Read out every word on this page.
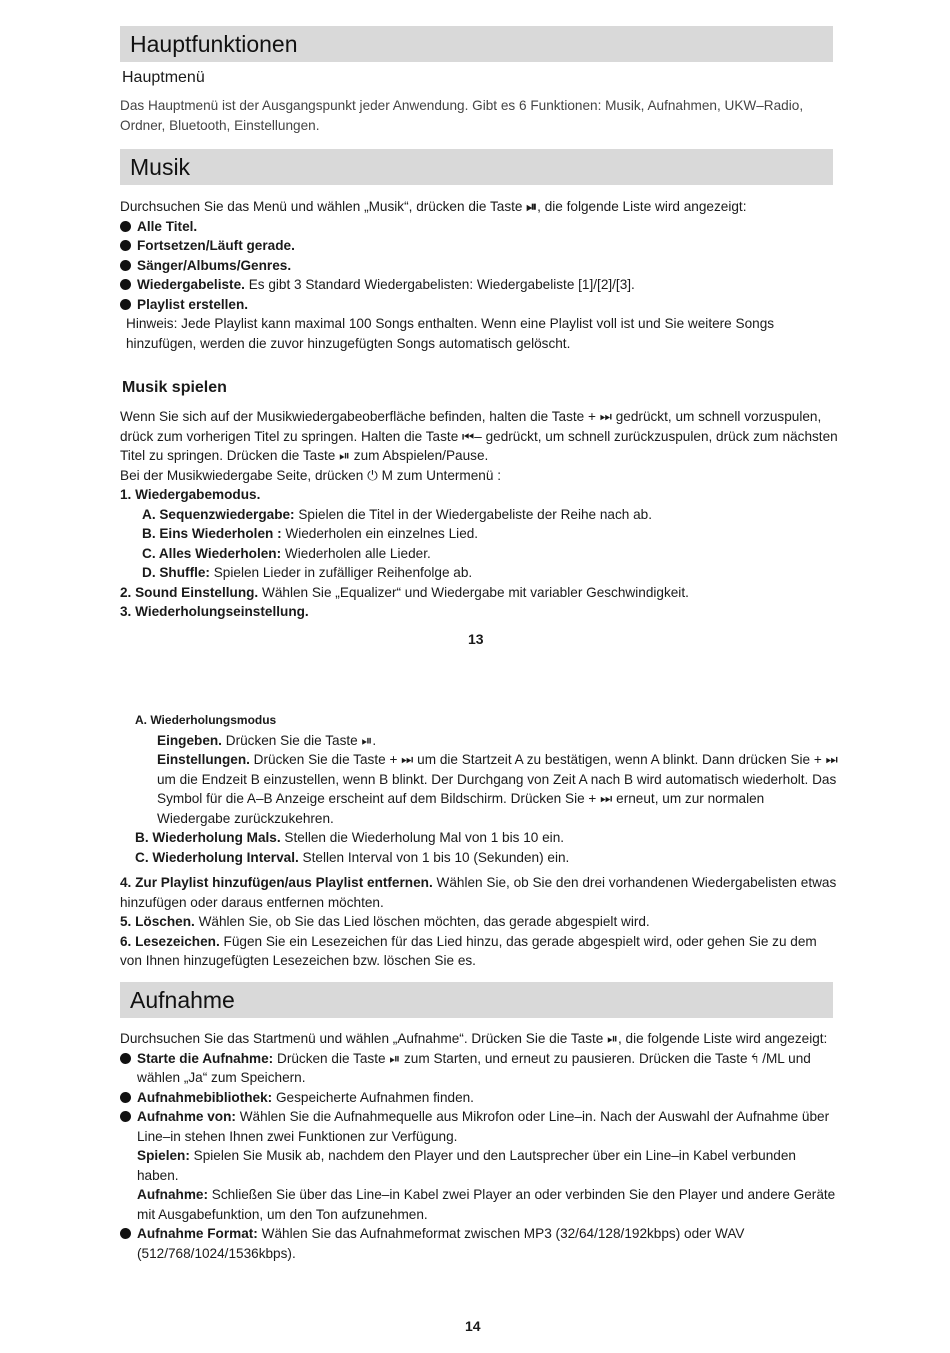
Hauptfunktionen
Hauptmenü

Das Hauptmenü ist der Ausgangspunkt jeder Anwendung. Gibt es 6 Funktionen: Musik, Aufnahmen, UKW–Radio, Ordner, Bluetooth, Einstellungen.

Musik

Durchsuchen Sie das Menü und wählen „Musik“, drücken die Taste ⏯, die folgende Liste wird angezeigt:

Alle Titel.
Fortsetzen/Läuft gerade.
Sänger/Albums/Genres.
Wiedergabeliste. Es gibt 3 Standard Wiedergabelisten: Wiedergabeliste [1]/[2]/[3].
Playlist erstellen.

Hinweis: Jede Playlist kann maximal 100 Songs enthalten. Wenn eine Playlist voll ist und Sie weitere Songs hinzufügen, werden die zuvor hinzugefügten Songs automatisch gelöscht.

Musik spielen

Wenn Sie sich auf der Musikwiedergabeoberfläche befinden, halten die Taste + ⏭ gedrückt, um schnell vorzuspulen, drück zum vorherigen Titel zu springen. Halten die Taste ⏮– gedrückt, um schnell zurückzuspulen, drück zum nächsten Titel zu springen. Drücken die Taste ⏯ zum Abspielen/Pause.

Bei der Musikwiedergabe Seite, drücken ⏻ M zum Untermenü :

1. Wiedergabemodus.

A. Sequenzwiedergabe: Spielen die Titel in der Wiedergabeliste der Reihe nach ab.

B. Eins Wiederholen : Wiederholen ein einzelnes Lied.

C. Alles Wiederholen: Wiederholen alle Lieder.

D. Shuffle: Spielen Lieder in zufälliger Reihenfolge ab.

2. Sound Einstellung. Wählen Sie „Equalizer“ und Wiedergabe mit variabler Geschwindigkeit.

3. Wiederholungseinstellung.

13

A. Wiederholungsmodus

Eingeben. Drücken Sie die Taste ⏯.

Einstellungen. Drücken Sie die Taste + ⏭ um die Startzeit A zu bestätigen, wenn A blinkt. Dann drücken Sie + ⏭ um die Endzeit B einzustellen, wenn B blinkt. Der Durchgang von Zeit A nach B wird automatisch wiederholt. Das Symbol für die A–B Anzeige erscheint auf dem Bildschirm. Drücken Sie + ⏭ erneut, um zur normalen Wiedergabe zurückzukehren.

B. Wiederholung Mals. Stellen die Wiederholung Mal von 1 bis 10 ein.

C. Wiederholung Interval. Stellen Interval von 1 bis 10 (Sekunden) ein.

4. Zur Playlist hinzufügen/aus Playlist entfernen. Wählen Sie, ob Sie den drei vorhandenen Wiedergabelisten etwas hinzufügen oder daraus entfernen möchten.

5. Löschen. Wählen Sie, ob Sie das Lied löschen möchten, das gerade abgespielt wird.

6. Lesezeichen. Fügen Sie ein Lesezeichen für das Lied hinzu, das gerade abgespielt wird, oder gehen Sie zu dem von Ihnen hinzugefügten Lesezeichen bzw. löschen Sie es.

Aufnahme

Durchsuchen Sie das Startmenü und wählen „Aufnahme“. Drücken Sie die Taste ⏯, die folgende Liste wird angezeigt:

Starte die Aufnahme: Drücken die Taste ⏯ zum Starten, und erneut zu pausieren. Drücken die Taste ↰/ML und wählen „Ja“ zum Speichern.
Aufnahmebibliothek: Gespeicherte Aufnahmen finden.
Aufnahme von: Wählen Sie die Aufnahmequelle aus Mikrofon oder Line–in. Nach der Auswahl der Aufnahme über Line–in stehen Ihnen zwei Funktionen zur Verfügung.

Spielen: Spielen Sie Musik ab, nachdem den Player und den Lautsprecher über ein Line–in Kabel verbunden haben.

Aufnahme: Schließen Sie über das Line–in Kabel zwei Player an oder verbinden Sie den Player und andere Geräte mit Ausgabefunktion, um den Ton aufzunehmen.

Aufnahme Format: Wählen Sie das Aufnahmeformat zwischen MP3 (32/64/128/192kbps) oder WAV (512/768/1024/1536kbps).
14
